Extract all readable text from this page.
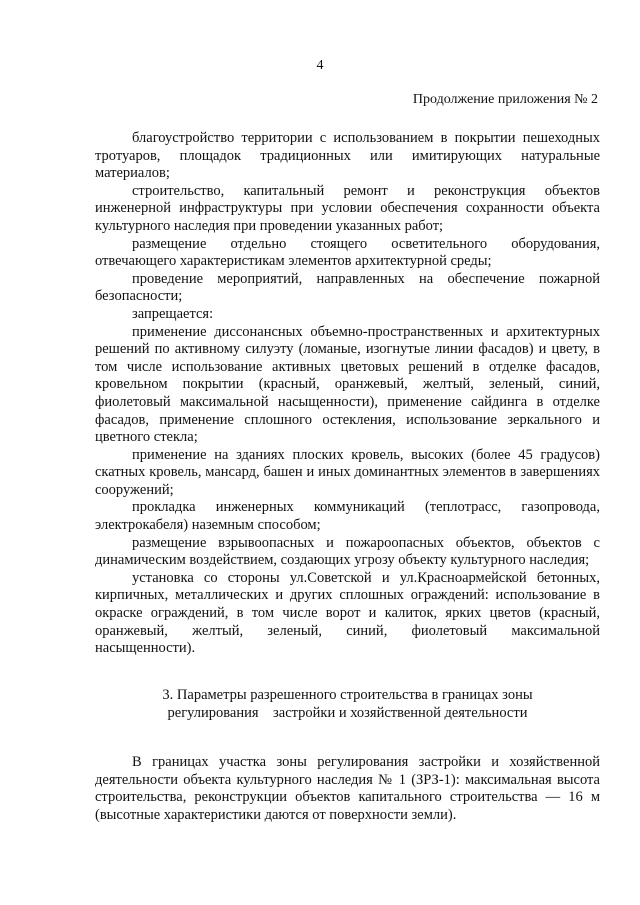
4
Продолжение приложения № 2

благоустройство территории с использованием в покрытии пешеходных тротуаров, площадок традиционных или имитирующих натуральные материалов;

строительство, капитальный ремонт и реконструкция объектов инженерной инфраструктуры при условии обеспечения сохранности объекта культурного наследия при проведении указанных работ;

размещение отдельно стоящего осветительного оборудования, отвечающего характеристикам элементов архитектурной среды;

проведение мероприятий, направленных на обеспечение пожарной безопасности;

запрещается:

применение диссонансных объемно-пространственных и архитектурных решений по активному силуэту (ломаные, изогнутые линии фасадов) и цвету, в том числе использование активных цветовых решений в отделке фасадов, кровельном покрытии (красный, оранжевый, желтый, зеленый, синий, фиолетовый максимальной насыщенности), применение сайдинга в отделке фасадов, применение сплошного остекления, использование зеркального и цветного стекла;

применение на зданиях плоских кровель, высоких (более 45 градусов) скатных кровель, мансард, башен и иных доминантных элементов в завершениях сооружений;

прокладка инженерных коммуникаций (теплотрасс, газопровода, электрокабеля) наземным способом;

размещение взрывоопасных и пожароопасных объектов, объектов с динамическим воздействием, создающих угрозу объекту культурного наследия;

установка со стороны ул.Советской и ул.Красноармейской бетонных, кирпичных, металлических и других сплошных ограждений: использование в окраске ограждений, в том числе ворот и калиток, ярких цветов (красный, оранжевый, желтый, зеленый, синий, фиолетовый максимальной насыщенности).

3. Параметры разрешенного строительства в границах зоны
регулирования    застройки и хозяйственной деятельности

В границах участка зоны регулирования застройки и хозяйственной деятельности объекта культурного наследия № 1 (ЗРЗ-1): максимальная высота строительства, реконструкции объектов капитального строительства — 16 м (высотные характеристики даются от поверхности земли).
